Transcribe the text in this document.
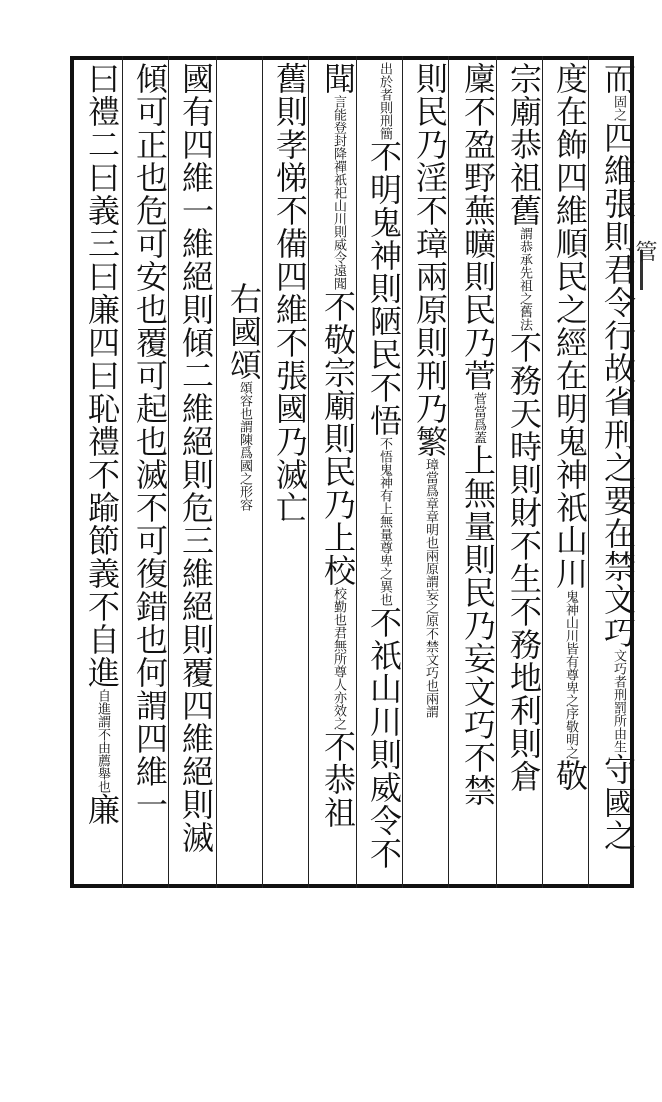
而固之四維張則君令行故省刑之要在禁文巧文巧者刑罰所由生守國之
度在飾四維順民之經在明鬼神祇山川鬼神山川皆有尊卑之序敬明之敬
宗廟恭祖舊謂恭承先祖之舊法不務天時則財不生不務地利則倉
廩不盈野蕪曠則民乃菅菅當爲蓋上無量則民乃妄文巧不禁
則民乃淫不璋兩原則刑乃繁璋當爲章章明也兩原謂妄之原不禁文巧也兩謂
出於者則刑簡不明鬼神則陋民不悟不悟鬼神有上無量尊卑之異也不祇山川則威令不
聞言能登封降禪祇祀山川則威令遠聞不敬宗廟則民乃上校校勤也君無所尊人亦效之不恭祖
舊則孝悌不備四維不張國乃滅亡
右國頌頌容也謂陳爲國之形容
國有四維一維絕則傾二維絕則危三維絕則覆四維絕則滅
傾可正也危可安也覆可起也滅不可復錯也何謂四維一
曰禮二曰義三曰廉四曰恥禮不踰節義不自進自進謂不由薦舉也廉
管
